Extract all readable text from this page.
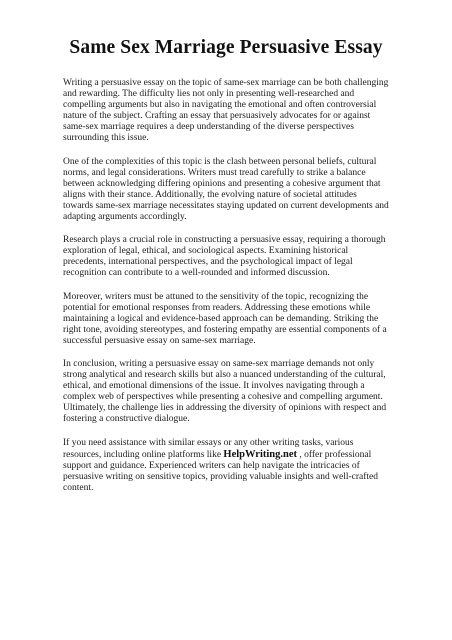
Same Sex Marriage Persuasive Essay

Writing a persuasive essay on the topic of same-sex marriage can be both challenging and rewarding. The difficulty lies not only in presenting well-researched and compelling arguments but also in navigating the emotional and often controversial nature of the subject. Crafting an essay that persuasively advocates for or against same-sex marriage requires a deep understanding of the diverse perspectives surrounding this issue.

One of the complexities of this topic is the clash between personal beliefs, cultural norms, and legal considerations. Writers must tread carefully to strike a balance between acknowledging differing opinions and presenting a cohesive argument that aligns with their stance. Additionally, the evolving nature of societal attitudes towards same-sex marriage necessitates staying updated on current developments and adapting arguments accordingly.

Research plays a crucial role in constructing a persuasive essay, requiring a thorough exploration of legal, ethical, and sociological aspects. Examining historical precedents, international perspectives, and the psychological impact of legal recognition can contribute to a well-rounded and informed discussion.

Moreover, writers must be attuned to the sensitivity of the topic, recognizing the potential for emotional responses from readers. Addressing these emotions while maintaining a logical and evidence-based approach can be demanding. Striking the right tone, avoiding stereotypes, and fostering empathy are essential components of a successful persuasive essay on same-sex marriage.

In conclusion, writing a persuasive essay on same-sex marriage demands not only strong analytical and research skills but also a nuanced understanding of the cultural, ethical, and emotional dimensions of the issue. It involves navigating through a complex web of perspectives while presenting a cohesive and compelling argument. Ultimately, the challenge lies in addressing the diversity of opinions with respect and fostering a constructive dialogue.

If you need assistance with similar essays or any other writing tasks, various resources, including online platforms like HelpWriting.net , offer professional support and guidance. Experienced writers can help navigate the intricacies of persuasive writing on sensitive topics, providing valuable insights and well-crafted content.
